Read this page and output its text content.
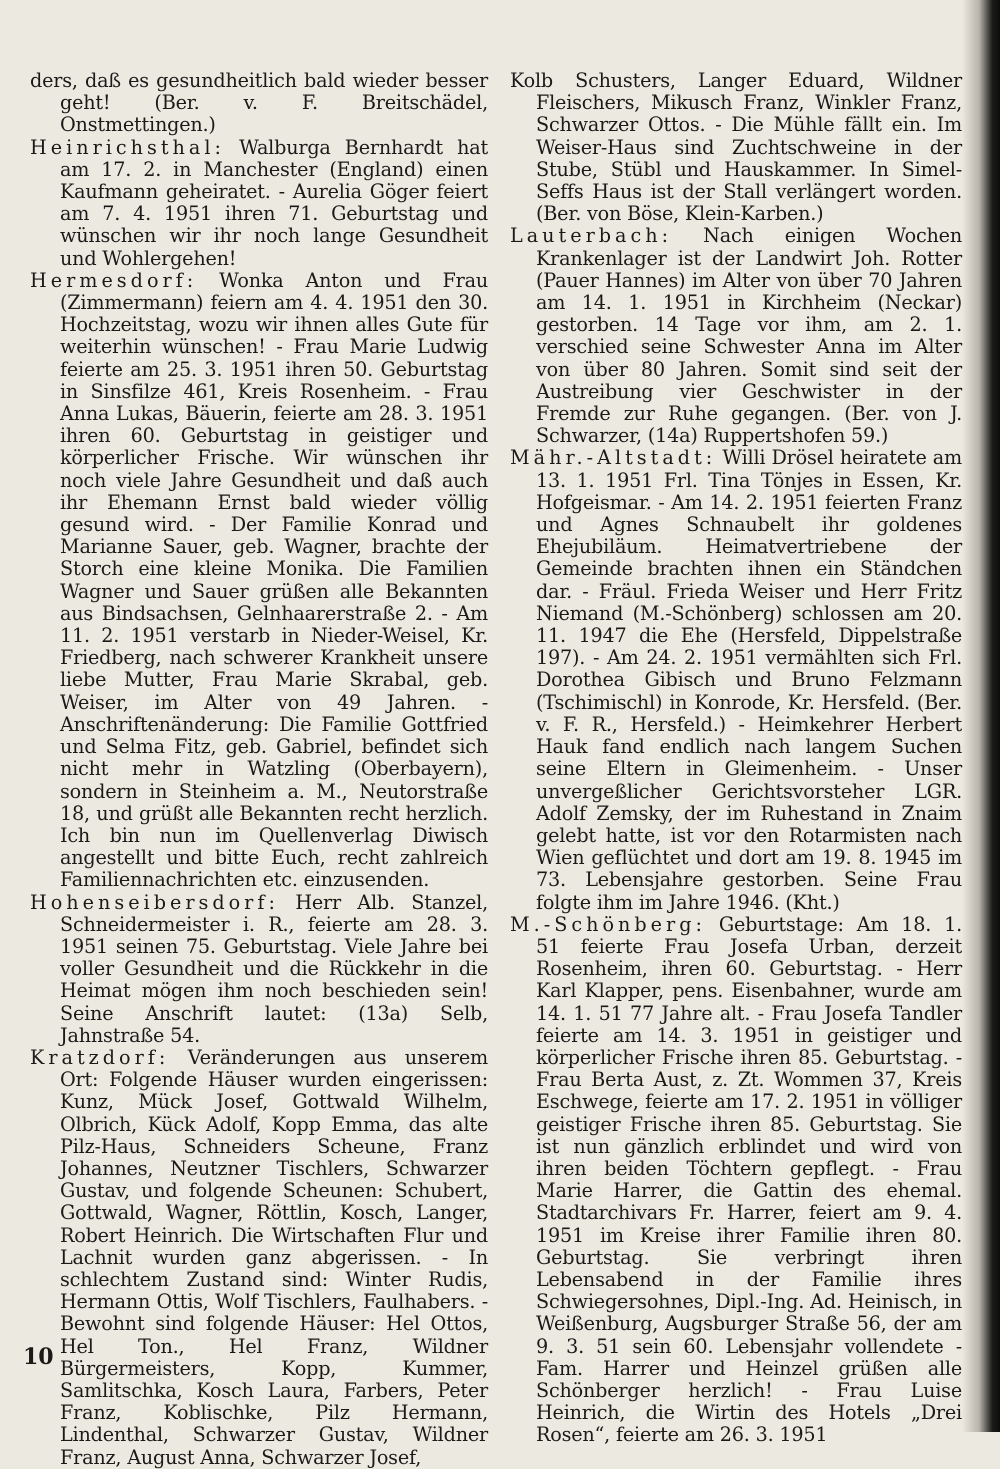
ders, daß es gesundheitlich bald wieder besser geht! (Ber. v. F. Breitschädel, Onstmettingen.)

Heinrichsthal: Walburga Bernhardt hat am 17. 2. in Manchester (England) einen Kaufmann geheiratet. - Aurelia Göger feiert am 7. 4. 1951 ihren 71. Geburtstag und wünschen wir ihr noch lange Gesundheit und Wohlergehen!

Hermesdorf: Wonka Anton und Frau (Zimmermann) feiern am 4. 4. 1951 den 30. Hochzeitstag, wozu wir ihnen alles Gute für weiterhin wünschen! - Frau Marie Ludwig feierte am 25. 3. 1951 ihren 50. Geburtstag in Sinsfilze 461, Kreis Rosenheim. - Frau Anna Lukas, Bäuerin, feierte am 28. 3. 1951 ihren 60. Geburtstag in geistiger und körperlicher Frische. Wir wünschen ihr noch viele Jahre Gesundheit und daß auch ihr Ehemann Ernst bald wieder völlig gesund wird. - Der Familie Konrad und Marianne Sauer, geb. Wagner, brachte der Storch eine kleine Monika. Die Familien Wagner und Sauer grüßen alle Bekannten aus Bindsachsen, Gelnhaarerstraße 2. - Am 11. 2. 1951 verstarb in Nieder-Weisel, Kr. Friedberg, nach schwerer Krankheit unsere liebe Mutter, Frau Marie Skrabal, geb. Weiser, im Alter von 49 Jahren. - Anschriftenänderung: Die Familie Gottfried und Selma Fitz, geb. Gabriel, befindet sich nicht mehr in Watzling (Oberbayern), sondern in Steinheim a. M., Neutorstraße 18, und grüßt alle Bekannten recht herzlich. Ich bin nun im Quellenverlag Diwisch angestellt und bitte Euch, recht zahlreich Familiennachrichten etc. einzusenden.

Hohenseibersdorf: Herr Alb. Stanzel, Schneidermeister i. R., feierte am 28. 3. 1951 seinen 75. Geburtstag. Viele Jahre bei voller Gesundheit und die Rückkehr in die Heimat mögen ihm noch beschieden sein! Seine Anschrift lautet: (13a) Selb, Jahnstraße 54.

Kratzdorf: Veränderungen aus unserem Ort: Folgende Häuser wurden eingerissen: Kunz, Mück Josef, Gottwald Wilhelm, Olbrich, Kück Adolf, Kopp Emma, das alte Pilz-Haus, Schneiders Scheune, Franz Johannes, Neutzner Tischlers, Schwarzer Gustav, und folgende Scheunen: Schubert, Gottwald, Wagner, Röttlin, Kosch, Langer, Robert Heinrich. Die Wirtschaften Flur und Lachnit wurden ganz abgerissen. - In schlechtem Zustand sind: Winter Rudis, Hermann Ottis, Wolf Tischlers, Faulhabers. - Bewohnt sind folgende Häuser: Hel Ottos, Hel Ton., Hel Franz, Wildner Bürgermeisters, Kopp, Kummer, Samlitschka, Kosch Laura, Farbers, Peter Franz, Koblischke, Pilz Hermann, Lindenthal, Schwarzer Gustav, Wildner Franz, August Anna, Schwarzer Josef,

Kolb Schusters, Langer Eduard, Wildner Fleischers, Mikusch Franz, Winkler Franz, Schwarzer Ottos. - Die Mühle fällt ein. Im Weiser-Haus sind Zuchtschweine in der Stube, Stübl und Hauskammer. In Simel-Seffs Haus ist der Stall verlängert worden. (Ber. von Böse, Klein-Karben.)

Lauterbach: Nach einigen Wochen Krankenlager ist der Landwirt Joh. Rotter (Pauer Hannes) im Alter von über 70 Jahren am 14. 1. 1951 in Kirchheim (Neckar) gestorben. 14 Tage vor ihm, am 2. 1. verschied seine Schwester Anna im Alter von über 80 Jahren. Somit sind seit der Austreibung vier Geschwister in der Fremde zur Ruhe gegangen. (Ber. von J. Schwarzer, (14a) Ruppertshofen 59.)

Mähr.-Altstadt: Willi Drösel heiratete am 13. 1. 1951 Frl. Tina Tönjes in Essen, Kr. Hofgeismar. - Am 14. 2. 1951 feierten Franz und Agnes Schnaubelt ihr goldenes Ehejubiläum. Heimatvertriebene der Gemeinde brachten ihnen ein Ständchen dar. - Fräul. Frieda Weiser und Herr Fritz Niemand (M.-Schönberg) schlossen am 20. 11. 1947 die Ehe (Hersfeld, Dippelstraße 197). - Am 24. 2. 1951 vermählten sich Frl. Dorothea Gibisch und Bruno Felzmann (Tschimischl) in Konrode, Kr. Hersfeld. (Ber. v. F. R., Hersfeld.) - Heimkehrer Herbert Hauk fand endlich nach langem Suchen seine Eltern in Gleimenheim. - Unser unvergeßlicher Gerichtsvorsteher LGR. Adolf Zemsky, der im Ruhestand in Znaim gelebt hatte, ist vor den Rotarmisten nach Wien geflüchtet und dort am 19. 8. 1945 im 73. Lebensjahre gestorben. Seine Frau folgte ihm im Jahre 1946. (Kht.)

M.-Schönberg: Geburtstage: Am 18. 1. 51 feierte Frau Josefa Urban, derzeit Rosenheim, ihren 60. Geburtstag. - Herr Karl Klapper, pens. Eisenbahner, wurde am 14. 1. 51 77 Jahre alt. - Frau Josefa Tandler feierte am 14. 3. 1951 in geistiger und körperlicher Frische ihren 85. Geburtstag. - Frau Berta Aust, z. Zt. Wommen 37, Kreis Eschwege, feierte am 17. 2. 1951 in völliger geistiger Frische ihren 85. Geburtstag. Sie ist nun gänzlich erblindet und wird von ihren beiden Töchtern gepflegt. - Frau Marie Harrer, die Gattin des ehemal. Stadtarchivars Fr. Harrer, feiert am 9. 4. 1951 im Kreise ihrer Familie ihren 80. Geburtstag. Sie verbringt ihren Lebensabend in der Familie ihres Schwiegersohnes, Dipl.-Ing. Ad. Heinisch, in Weißenburg, Augsburger Straße 56, der am 9. 3. 51 sein 60. Lebensjahr vollendete - Fam. Harrer und Heinzel grüßen alle Schönberger herzlich! - Frau Luise Heinrich, die Wirtin des Hotels „Drei Rosen“, feierte am 26. 3. 1951

10
